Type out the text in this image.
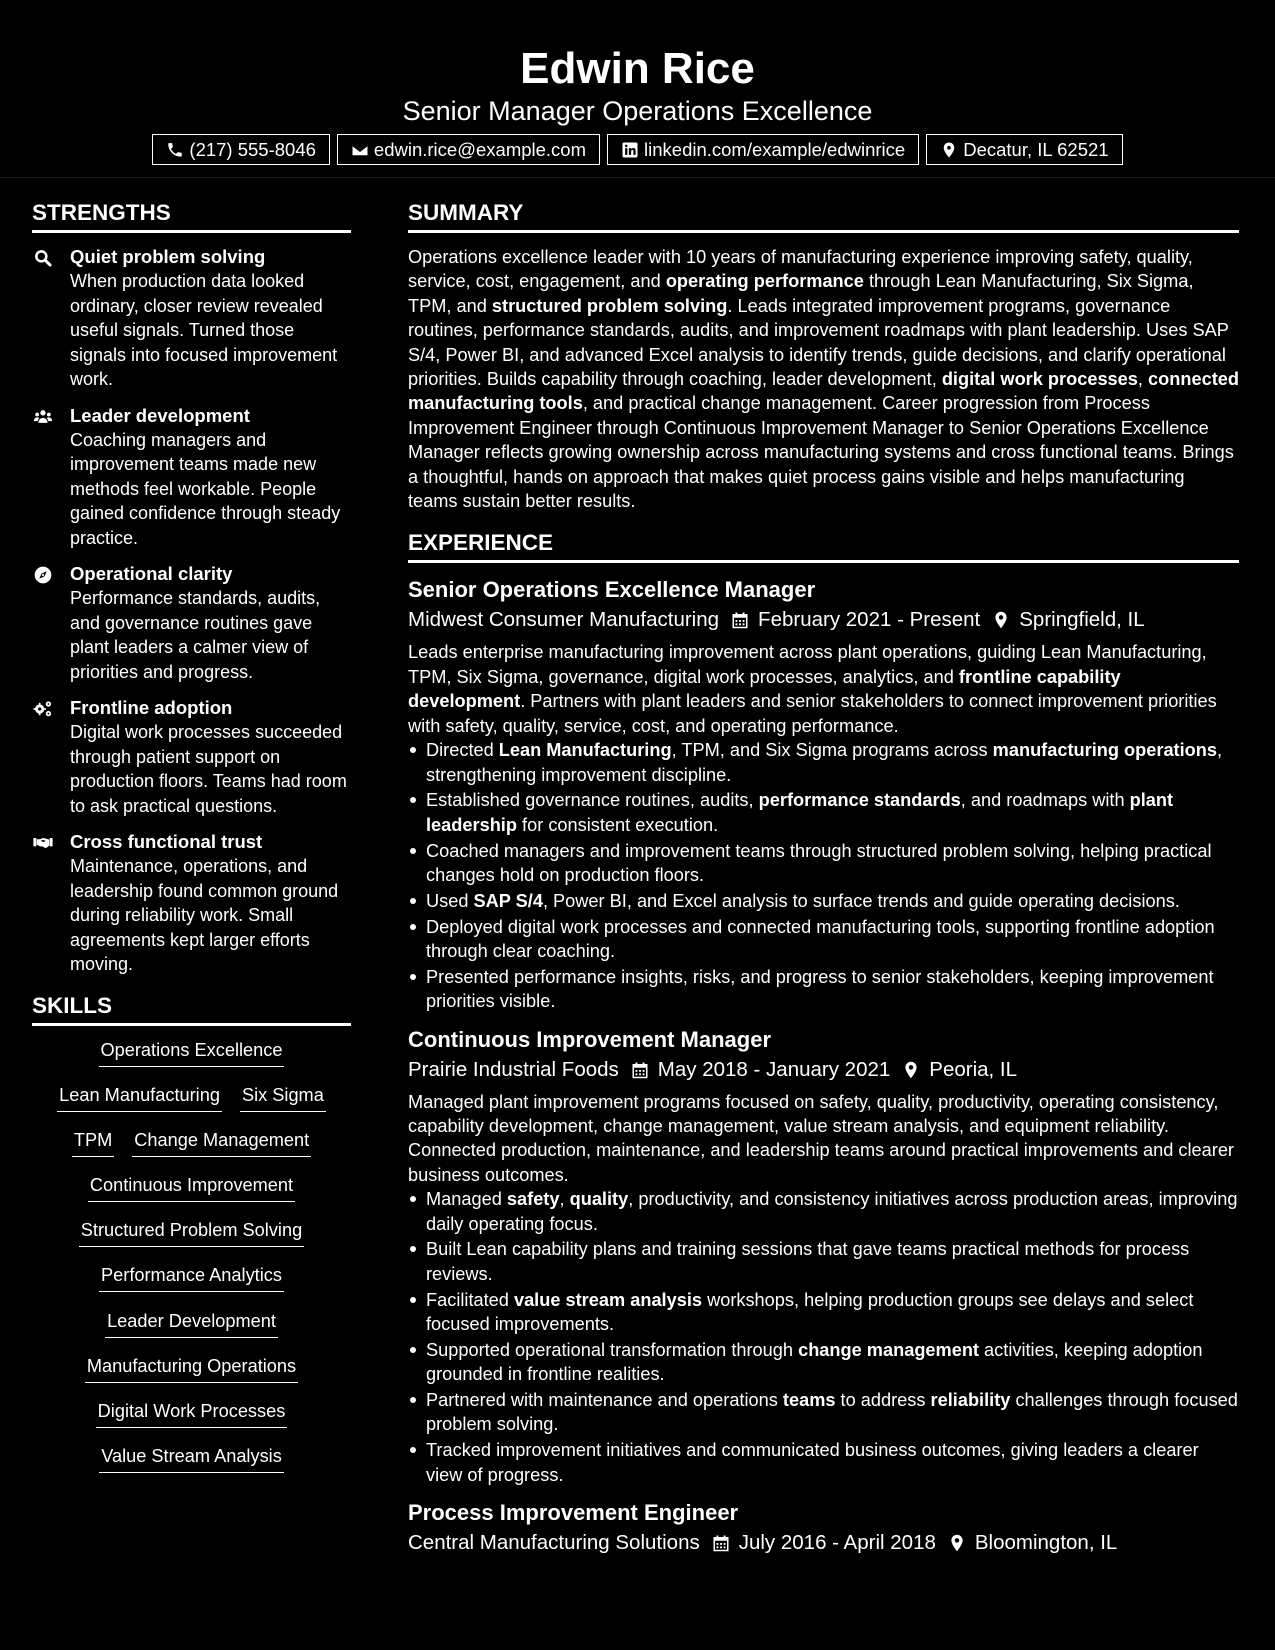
Edwin Rice
Senior Manager Operations Excellence
(217) 555-8046	edwin.rice@example.com	linkedin.com/example/edwinrice	Decatur, IL 62521
STRENGTHS
Quiet problem solving
When production data looked ordinary, closer review revealed useful signals. Turned those signals into focused improvement work.
Leader development
Coaching managers and improvement teams made new methods feel workable. People gained confidence through steady practice.
Operational clarity
Performance standards, audits, and governance routines gave plant leaders a calmer view of priorities and progress.
Frontline adoption
Digital work processes succeeded through patient support on production floors. Teams had room to ask practical questions.
Cross functional trust
Maintenance, operations, and leadership found common ground during reliability work. Small agreements kept larger efforts moving.
SKILLS
Operations Excellence
Lean Manufacturing Six Sigma
TPM Change Management
Continuous Improvement
Structured Problem Solving
Performance Analytics
Leader Development
Manufacturing Operations
Digital Work Processes
Value Stream Analysis
SUMMARY
Operations excellence leader with 10 years of manufacturing experience improving safety, quality, service, cost, engagement, and operating performance through Lean Manufacturing, Six Sigma, TPM, and structured problem solving. Leads integrated improvement programs, governance routines, performance standards, audits, and improvement roadmaps with plant leadership. Uses SAP S/4, Power BI, and advanced Excel analysis to identify trends, guide decisions, and clarify operational priorities. Builds capability through coaching, leader development, digital work processes, connected manufacturing tools, and practical change management. Career progression from Process Improvement Engineer through Continuous Improvement Manager to Senior Operations Excellence Manager reflects growing ownership across manufacturing systems and cross functional teams. Brings a thoughtful, hands on approach that makes quiet process gains visible and helps manufacturing teams sustain better results.
EXPERIENCE
Senior Operations Excellence Manager
Midwest Consumer Manufacturing February 2021 - Present Springfield, IL
Leads enterprise manufacturing improvement across plant operations, guiding Lean Manufacturing, TPM, Six Sigma, governance, digital work processes, analytics, and frontline capability development. Partners with plant leaders and senior stakeholders to connect improvement priorities with safety, quality, service, cost, and operating performance.
Directed Lean Manufacturing, TPM, and Six Sigma programs across manufacturing operations, strengthening improvement discipline.
Established governance routines, audits, performance standards, and roadmaps with plant leadership for consistent execution.
Coached managers and improvement teams through structured problem solving, helping practical changes hold on production floors.
Used SAP S/4, Power BI, and Excel analysis to surface trends and guide operating decisions.
Deployed digital work processes and connected manufacturing tools, supporting frontline adoption through clear coaching.
Presented performance insights, risks, and progress to senior stakeholders, keeping improvement priorities visible.
Continuous Improvement Manager
Prairie Industrial Foods May 2018 - January 2021 Peoria, IL
Managed plant improvement programs focused on safety, quality, productivity, operating consistency, capability development, change management, value stream analysis, and equipment reliability. Connected production, maintenance, and leadership teams around practical improvements and clearer business outcomes.
Managed safety, quality, productivity, and consistency initiatives across production areas, improving daily operating focus.
Built Lean capability plans and training sessions that gave teams practical methods for process reviews.
Facilitated value stream analysis workshops, helping production groups see delays and select focused improvements.
Supported operational transformation through change management activities, keeping adoption grounded in frontline realities.
Partnered with maintenance and operations teams to address reliability challenges through focused problem solving.
Tracked improvement initiatives and communicated business outcomes, giving leaders a clearer view of progress.
Process Improvement Engineer
Central Manufacturing Solutions July 2016 - April 2018 Bloomington, IL
